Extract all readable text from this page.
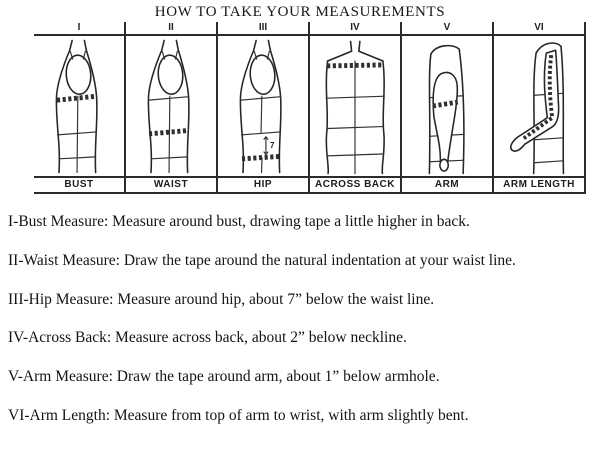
HOW TO TAKE YOUR MEASUREMENTS
I
BUST
II
WAIST
III
7
HIP
IV
ACROSS BACK
V
ARM
VI
ARM LENGTH

I-Bust Measure: Measure around bust, drawing tape a little higher in back.

II-Waist Measure: Draw the tape around the natural indentation at your waist line.

III-Hip Measure: Measure around hip, about 7” below the waist line.

IV-Across Back: Measure across back, about 2” below neckline.

V-Arm Measure: Draw the tape around arm, about 1” below armhole.

VI-Arm Length: Measure from top of arm to wrist, with arm slightly bent.
